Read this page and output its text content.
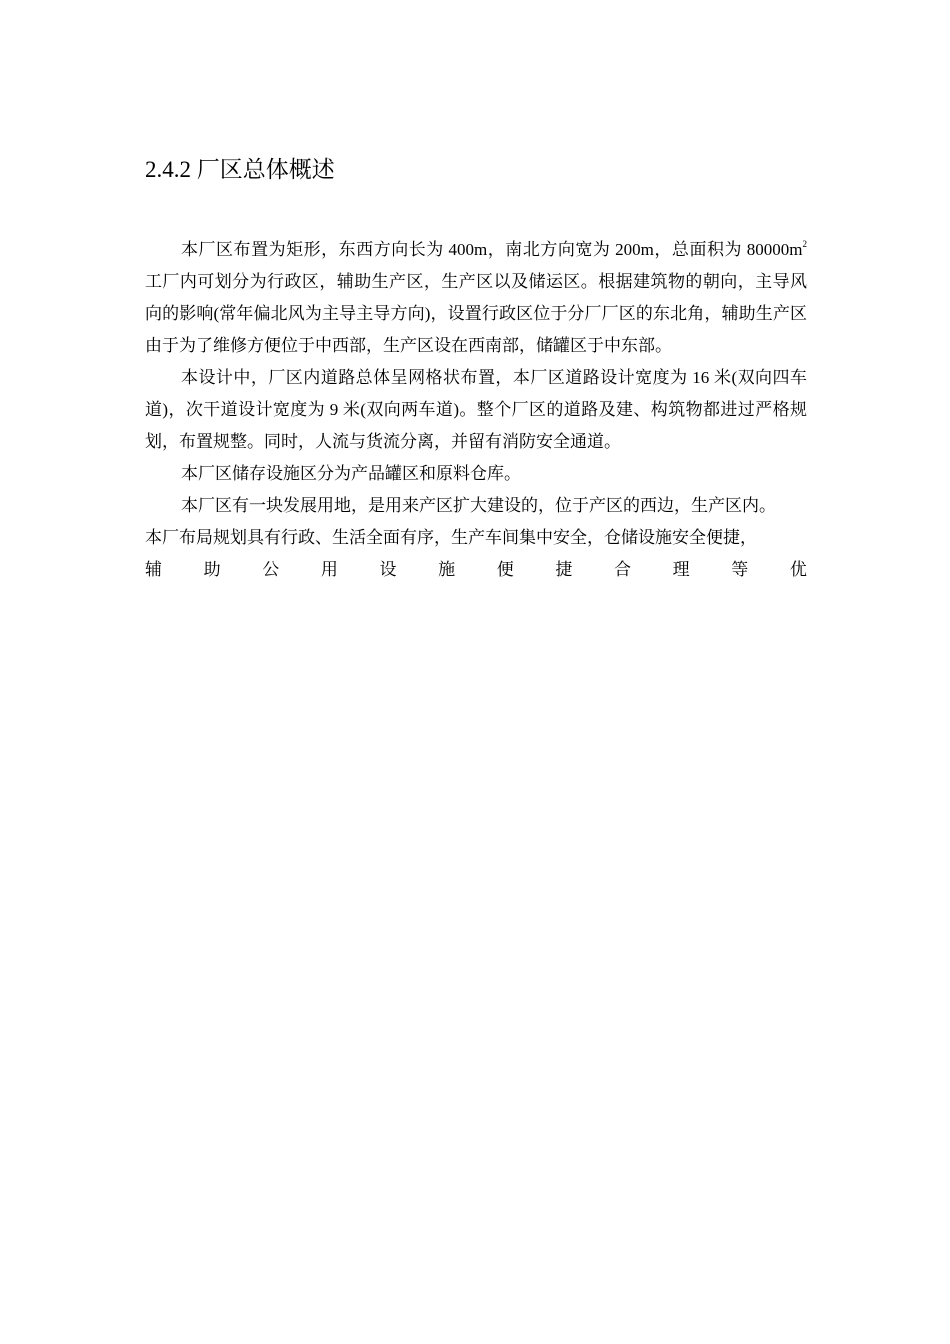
2.4.2 厂区总体概述

本厂区布置为矩形，东西方向长为 400m，南北方向宽为 200m，总面积为 $80000m^2$工厂内可划分为行政区，辅助生产区，生产区以及储运区。根据建筑物的朝向，主导风向的影响(常年偏北风为主导主导方向)，设置行政区位于分厂厂区的东北角，辅助生产区由于为了维修方便位于中西部，生产区设在西南部，储罐区于中东部。

本设计中，厂区内道路总体呈网格状布置，本厂区道路设计宽度为 16 米(双向四车道)，次干道设计宽度为 9 米(双向两车道)。整个厂区的道路及建、构筑物都进过严格规划，布置规整。同时，人流与货流分离，并留有消防安全通道。

本厂区储存设施区分为产品罐区和原料仓库。

本厂区有一块发展用地，是用来产区扩大建设的，位于产区的西边，生产区内。

本厂布局规划具有行政、生活全面有序，生产车间集中安全，仓储设施安全便捷，

辅 助 公 用 设 施 便 捷 合 理 等 优
